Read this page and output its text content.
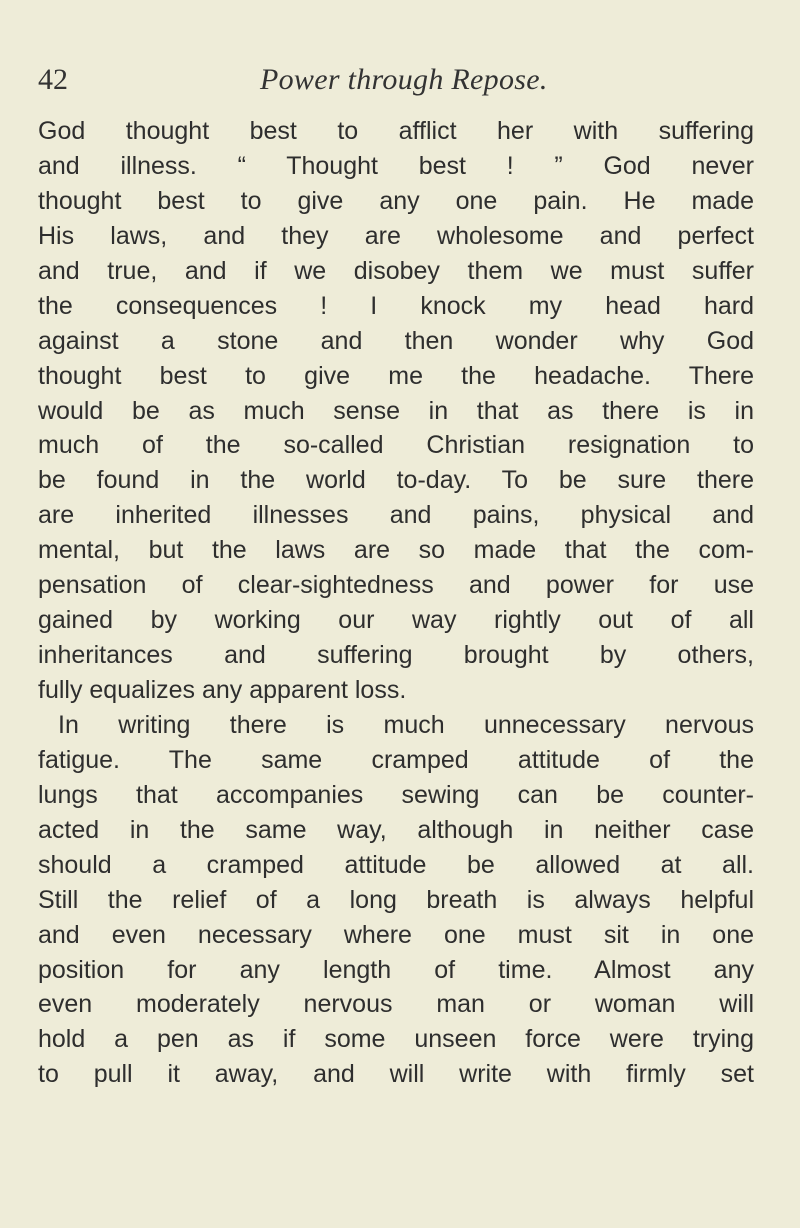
42	Power through Repose.
God thought best to afflict her with suffering
and illness. “ Thought best ! ” God never
thought best to give any one pain. He made
His laws, and they are wholesome and perfect
and true, and if we disobey them we must suffer
the consequences ! I knock my head hard
against a stone and then wonder why God
thought best to give me the headache. There
would be as much sense in that as there is in
much of the so-called Christian resignation to
be found in the world to-day. To be sure there
are inherited illnesses and pains, physical and
mental, but the laws are so made that the com-
pensation of clear-sightedness and power for use
gained by working our way rightly out of all
inheritances and suffering brought by others,
fully equalizes any apparent loss.
In writing there is much unnecessary nervous
fatigue. The same cramped attitude of the
lungs that accompanies sewing can be counter-
acted in the same way, although in neither case
should a cramped attitude be allowed at all.
Still the relief of a long breath is always helpful
and even necessary where one must sit in one
position for any length of time. Almost any
even moderately nervous man or woman will
hold a pen as if some unseen force were trying
to pull it away, and will write with firmly set
